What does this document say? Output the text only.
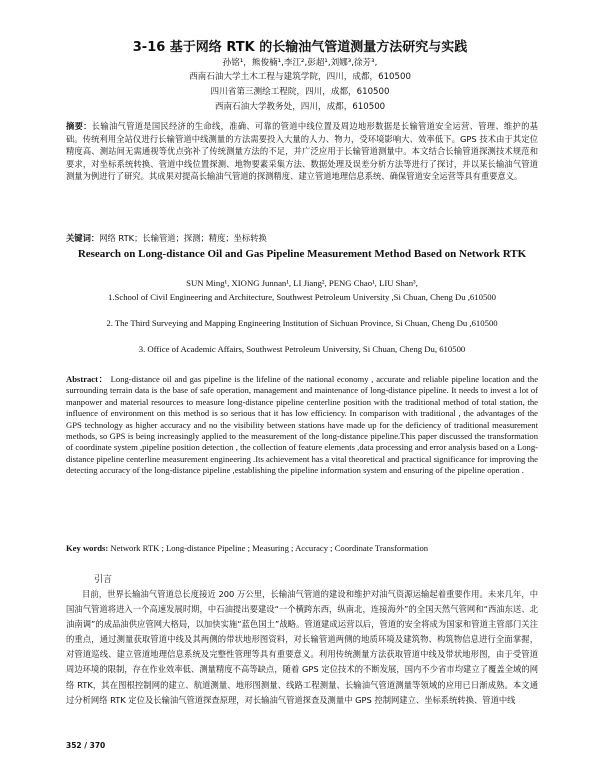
3-16 基于网络 RTK 的长输油气管道测量方法研究与实践
孙铭¹，熊俊楠¹,李江²,彭超¹,刘娜³,徐芳³,
西南石油大学土木工程与建筑学院，四川，成都，610500
四川省第三测绘工程院，四川，成都，610500
西南石油大学教务处，四川，成都，610500

摘要：长输油气管道是国民经济的生命线，准确、可靠的管道中线位置及周边地形数据是长输管道安全运营、管理、维护的基础。传统利用全站仪进行长输管道中线测量的方法需要投入大量的人力、物力，受环境影响大、效率低下。GPS 技术由于其定位精度高、测站间无需通视等优点弥补了传统测量方法的不足，并广泛应用于长输管道测量中。本文结合长输管道探测技术规范和要求，对坐标系统转换、管道中线位置探测、地物要素采集方法、数据处理及误差分析方法等进行了探讨，并以某长输油气管道测量为例进行了研究。其成果对提高长输油气管道的探测精度、建立管道地理信息系统、确保管道安全运营等具有重要意义。

关键词：网络 RTK；长输管道；探测；精度；坐标转换

Research on Long-distance Oil and Gas Pipeline Measurement Method Based on Network RTK
SUN Ming¹, XIONG Junnan¹, LI Jiang², PENG Chao¹, LIU Shan³,
1.School of Civil Engineering and Architecture, Southwest Petroleum University ,Si Chuan, Cheng Du ,610500
2. The Third Surveying and Mapping Engineering Institution of Sichuan Province, Si Chuan, Cheng Du ,610500
3. Office of Academic Affairs, Southwest Petroleum University, Si Chuan, Cheng Du, 610500

Abstract： Long-distance oil and gas pipeline is the lifeline of the national economy , accurate and reliable pipeline location and the surrounding terrain data is the base of safe operation, management and maintenance of long-distance pipeline. It needs to invest a lot of manpower and material resources to measure long-distance pipeline centerline position with the traditional method of total station, the influence of environment on this method is so serious that it has low efficiency. In comparison with traditional , the advantages of the GPS technology as higher accuracy and no the visibility between stations have made up for the deficiency of traditional measurement methods, so GPS is being increasingly applied to the measurement of the long-distance pipeline.This paper discussed the transformation of coordinate system ,pipeline position detection , the collection of feature elements ,data processing and error analysis based on a Long-distance pipeline centerline measurement engineering .Its achievement has a vital theoretical and practical significance for improving the detecting accuracy of the long-distance pipeline ,establishing the pipeline information system and ensuring of the pipeline operation .

Key words: Network RTK ; Long-distance Pipeline ; Measuring ; Accuracy ; Coordinate Transformation

引言

目前，世界长输油气管道总长度接近 200 万公里，长输油气管道的建设和维护对油气资源运输起着重要作用。未来几年，中国油气管道将进入一个高速发展时期，中石油提出要建设“一个横跨东西，纵南北，连接海外”的全国天然气管网和“西油东送、北油南调”的成品油供应管网大格局，以加快实施“蓝色国土”战略。管道建成运营以后，管道的安全将成为国家和管道主管部门关注的重点，通过测量获取管道中线及其两侧的带状地形图资料，对长输管道两侧的地质环境及建筑物、构筑物信息进行全面掌握，对管道巡线、建立管道地理信息系统及完整性管理等具有重要意义。利用传统测量方法获取管道中线及带状地形图，由于受管道周边环境的限制，存在作业效率低、测量精度不高等缺点，随着 GPS 定位技术的不断发展，国内不少省市均建立了覆盖全域的网络 RTK，其在图根控制网的建立、航道测量、地形图测量、线路工程测量、长输油气管道测量等领域的应用已日渐成熟。本文通过分析网络 RTK 定位及长输油气管道探查原理，对长输油气管道探查及测量中 GPS 控制网建立、坐标系统转换、管道中线

352 / 370
